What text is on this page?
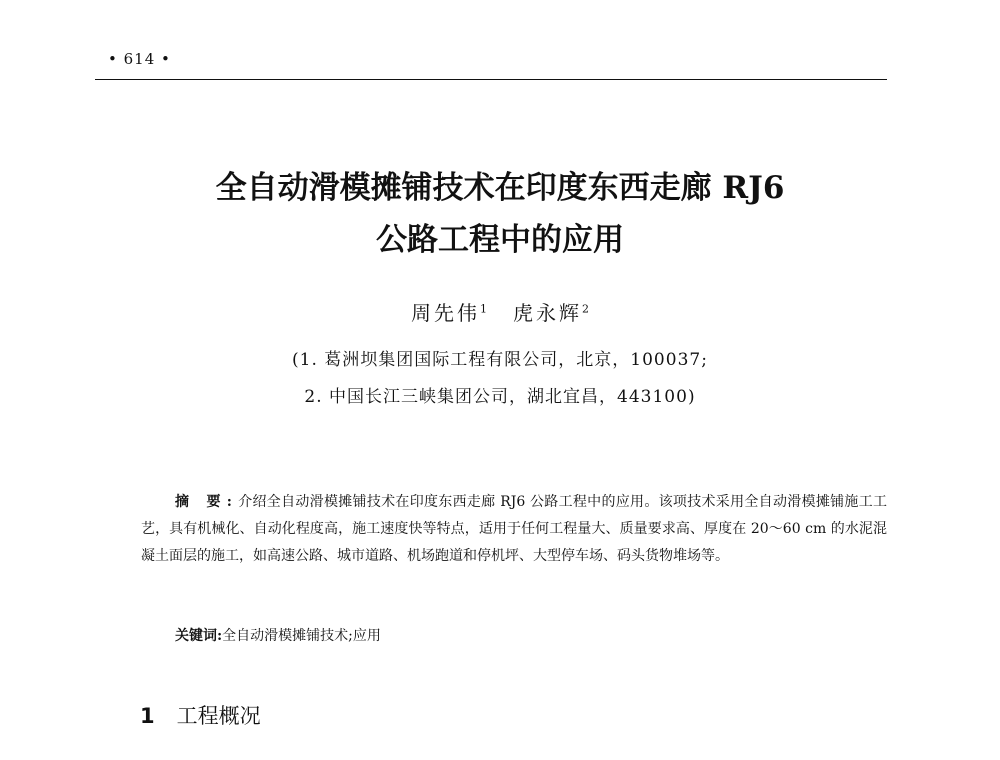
• 614 •
全自动滑模摊铺技术在印度东西走廊 RJ6
公路工程中的应用
周先伟$^1$ 虎永辉$^2$
(1. 葛洲坝集团国际工程有限公司，北京，100037;
2. 中国长江三峡集团公司，湖北宜昌，443100)
摘 要:介绍全自动滑模摊铺技术在印度东西走廊 RJ6 公路工程中的应用。该项技术采用全自动滑模摊铺施工工艺，具有机械化、自动化程度高，施工速度快等特点，适用于任何工程量大、质量要求高、厚度在 20～60 cm 的水泥混凝土面层的施工，如高速公路、城市道路、机场跑道和停机坪、大型停车场、码头货物堆场等。
关键词:全自动滑模摊铺技术;应用
1 工程概况
